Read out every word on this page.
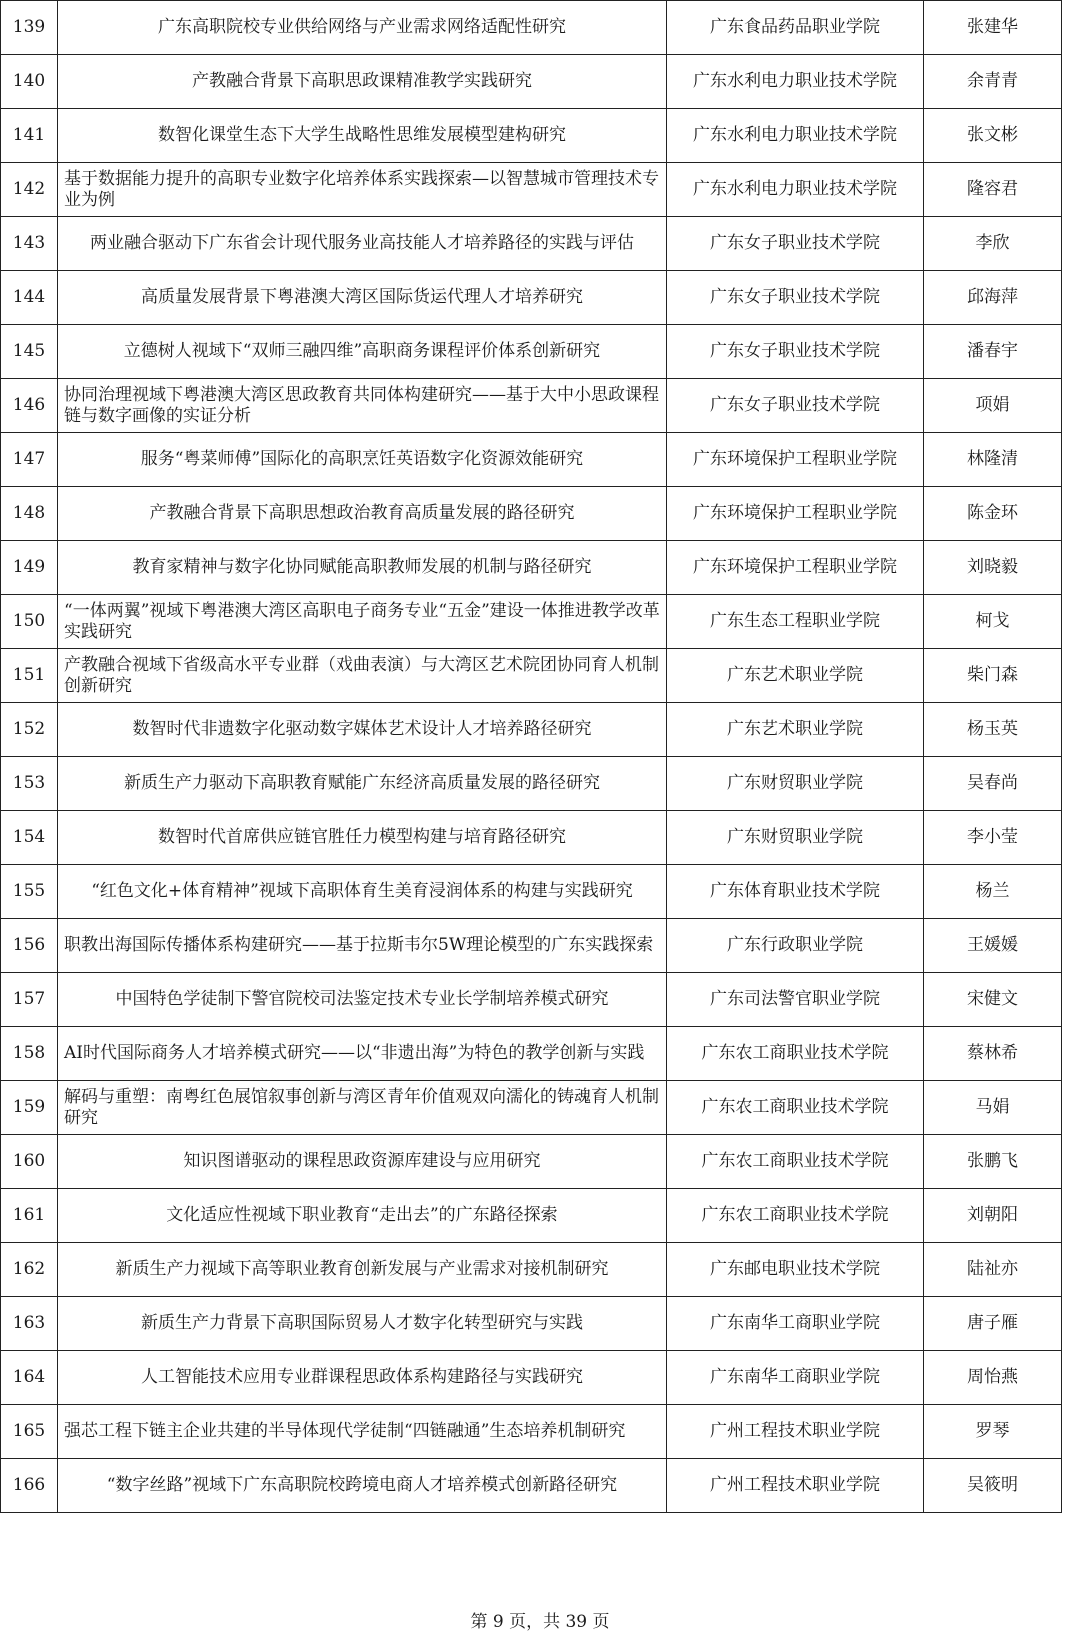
139	广东高职院校专业供给网络与产业需求网络适配性研究	广东食品药品职业学院	张建华
140	产教融合背景下高职思政课精准教学实践研究	广东水利电力职业技术学院	余青青
141	数智化课堂生态下大学生战略性思维发展模型建构研究	广东水利电力职业技术学院	张文彬
142	基于数据能力提升的高职专业数字化培养体系实践探索—以智慧城市管理技术专业为例	广东水利电力职业技术学院	隆容君
143	两业融合驱动下广东省会计现代服务业高技能人才培养路径的实践与评估	广东女子职业技术学院	李欣
144	高质量发展背景下粤港澳大湾区国际货运代理人才培养研究	广东女子职业技术学院	邱海萍
145	立德树人视域下“双师三融四维”高职商务课程评价体系创新研究	广东女子职业技术学院	潘春宇
146	协同治理视域下粤港澳大湾区思政教育共同体构建研究——基于大中小思政课程链与数字画像的实证分析	广东女子职业技术学院	项娟
147	服务“粤菜师傅”国际化的高职烹饪英语数字化资源效能研究	广东环境保护工程职业学院	林隆清
148	产教融合背景下高职思想政治教育高质量发展的路径研究	广东环境保护工程职业学院	陈金环
149	教育家精神与数字化协同赋能高职教师发展的机制与路径研究	广东环境保护工程职业学院	刘晓毅
150	“一体两翼”视域下粤港澳大湾区高职电子商务专业“五金”建设一体推进教学改革实践研究	广东生态工程职业学院	柯戈
151	产教融合视域下省级高水平专业群（戏曲表演）与大湾区艺术院团协同育人机制创新研究	广东艺术职业学院	柴门森
152	数智时代非遗数字化驱动数字媒体艺术设计人才培养路径研究	广东艺术职业学院	杨玉英
153	新质生产力驱动下高职教育赋能广东经济高质量发展的路径研究	广东财贸职业学院	吴春尚
154	数智时代首席供应链官胜任力模型构建与培育路径研究	广东财贸职业学院	李小莹
155	“红色文化+体育精神”视域下高职体育生美育浸润体系的构建与实践研究	广东体育职业技术学院	杨兰
156	职教出海国际传播体系构建研究——基于拉斯韦尔5W理论模型的广东实践探索	广东行政职业学院	王媛媛
157	中国特色学徒制下警官院校司法鉴定技术专业长学制培养模式研究	广东司法警官职业学院	宋健文
158	AI时代国际商务人才培养模式研究——以“非遗出海”为特色的教学创新与实践	广东农工商职业技术学院	蔡林希
159	解码与重塑：南粤红色展馆叙事创新与湾区青年价值观双向濡化的铸魂育人机制研究	广东农工商职业技术学院	马娟
160	知识图谱驱动的课程思政资源库建设与应用研究	广东农工商职业技术学院	张鹏飞
161	文化适应性视域下职业教育“走出去”的广东路径探索	广东农工商职业技术学院	刘朝阳
162	新质生产力视域下高等职业教育创新发展与产业需求对接机制研究	广东邮电职业技术学院	陆祉亦
163	新质生产力背景下高职国际贸易人才数字化转型研究与实践	广东南华工商职业学院	唐子雁
164	人工智能技术应用专业群课程思政体系构建路径与实践研究	广东南华工商职业学院	周怡燕
165	强芯工程下链主企业共建的半导体现代学徒制“四链融通”生态培养机制研究	广州工程技术职业学院	罗琴
166	“数字丝路”视域下广东高职院校跨境电商人才培养模式创新路径研究	广州工程技术职业学院	吴筱明
第 9 页，共 39 页
